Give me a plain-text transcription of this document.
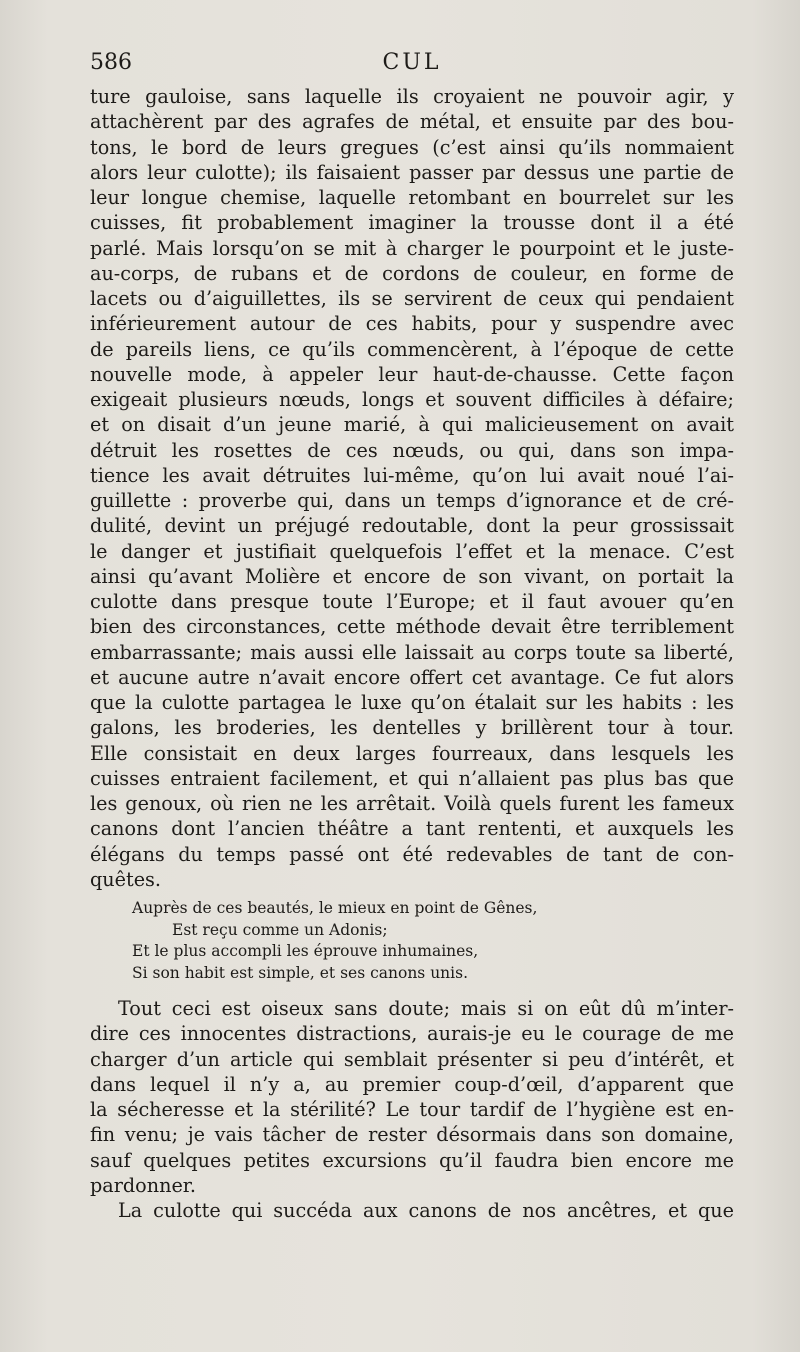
586	CUL
ture gauloise, sans laquelle ils croyaient ne pouvoir agir, y
attachèrent par des agrafes de métal, et ensuite par des bou-
tons, le bord de leurs gregues (c’est ainsi qu’ils nommaient
alors leur culotte); ils faisaient passer par dessus une partie de
leur longue chemise, laquelle retombant en bourrelet sur les
cuisses, fit probablement imaginer la trousse dont il a été
parlé. Mais lorsqu’on se mit à charger le pourpoint et le juste-
au-corps, de rubans et de cordons de couleur, en forme de
lacets ou d’aiguillettes, ils se servirent de ceux qui pendaient
inférieurement autour de ces habits, pour y suspendre avec
de pareils liens, ce qu’ils commencèrent, à l’époque de cette
nouvelle mode, à appeler leur haut-de-chausse. Cette façon
exigeait plusieurs nœuds, longs et souvent difficiles à défaire;
et on disait d’un jeune marié, à qui malicieusement on avait
détruit les rosettes de ces nœuds, ou qui, dans son impa-
tience les avait détruites lui-même, qu’on lui avait noué l’ai-
guillette : proverbe qui, dans un temps d’ignorance et de cré-
dulité, devint un préjugé redoutable, dont la peur grossissait
le danger et justifiait quelquefois l’effet et la menace. C’est
ainsi qu’avant Molière et encore de son vivant, on portait la
culotte dans presque toute l’Europe; et il faut avouer qu’en
bien des circonstances, cette méthode devait être terriblement
embarrassante; mais aussi elle laissait au corps toute sa liberté,
et aucune autre n’avait encore offert cet avantage. Ce fut alors
que la culotte partagea le luxe qu’on étalait sur les habits : les
galons, les broderies, les dentelles y brillèrent tour à tour.
Elle consistait en deux larges fourreaux, dans lesquels les
cuisses entraient facilement, et qui n’allaient pas plus bas que
les genoux, où rien ne les arrêtait. Voilà quels furent les fameux
canons dont l’ancien théâtre a tant rententi, et auxquels les
élégans du temps passé ont été redevables de tant de con-
quêtes.
Auprès de ces beautés, le mieux en point de Gênes,
Est reçu comme un Adonis;
Et le plus accompli les éprouve inhumaines,
Si son habit est simple, et ses canons unis.
Tout ceci est oiseux sans doute; mais si on eût dû m’inter-
dire ces innocentes distractions, aurais-je eu le courage de me
charger d’un article qui semblait présenter si peu d’intérêt, et
dans lequel il n’y a, au premier coup-d’œil, d’apparent que
la sécheresse et la stérilité? Le tour tardif de l’hygiène est en-
fin venu; je vais tâcher de rester désormais dans son domaine,
sauf quelques petites excursions qu’il faudra bien encore me
pardonner.
La culotte qui succéda aux canons de nos ancêtres, et que
